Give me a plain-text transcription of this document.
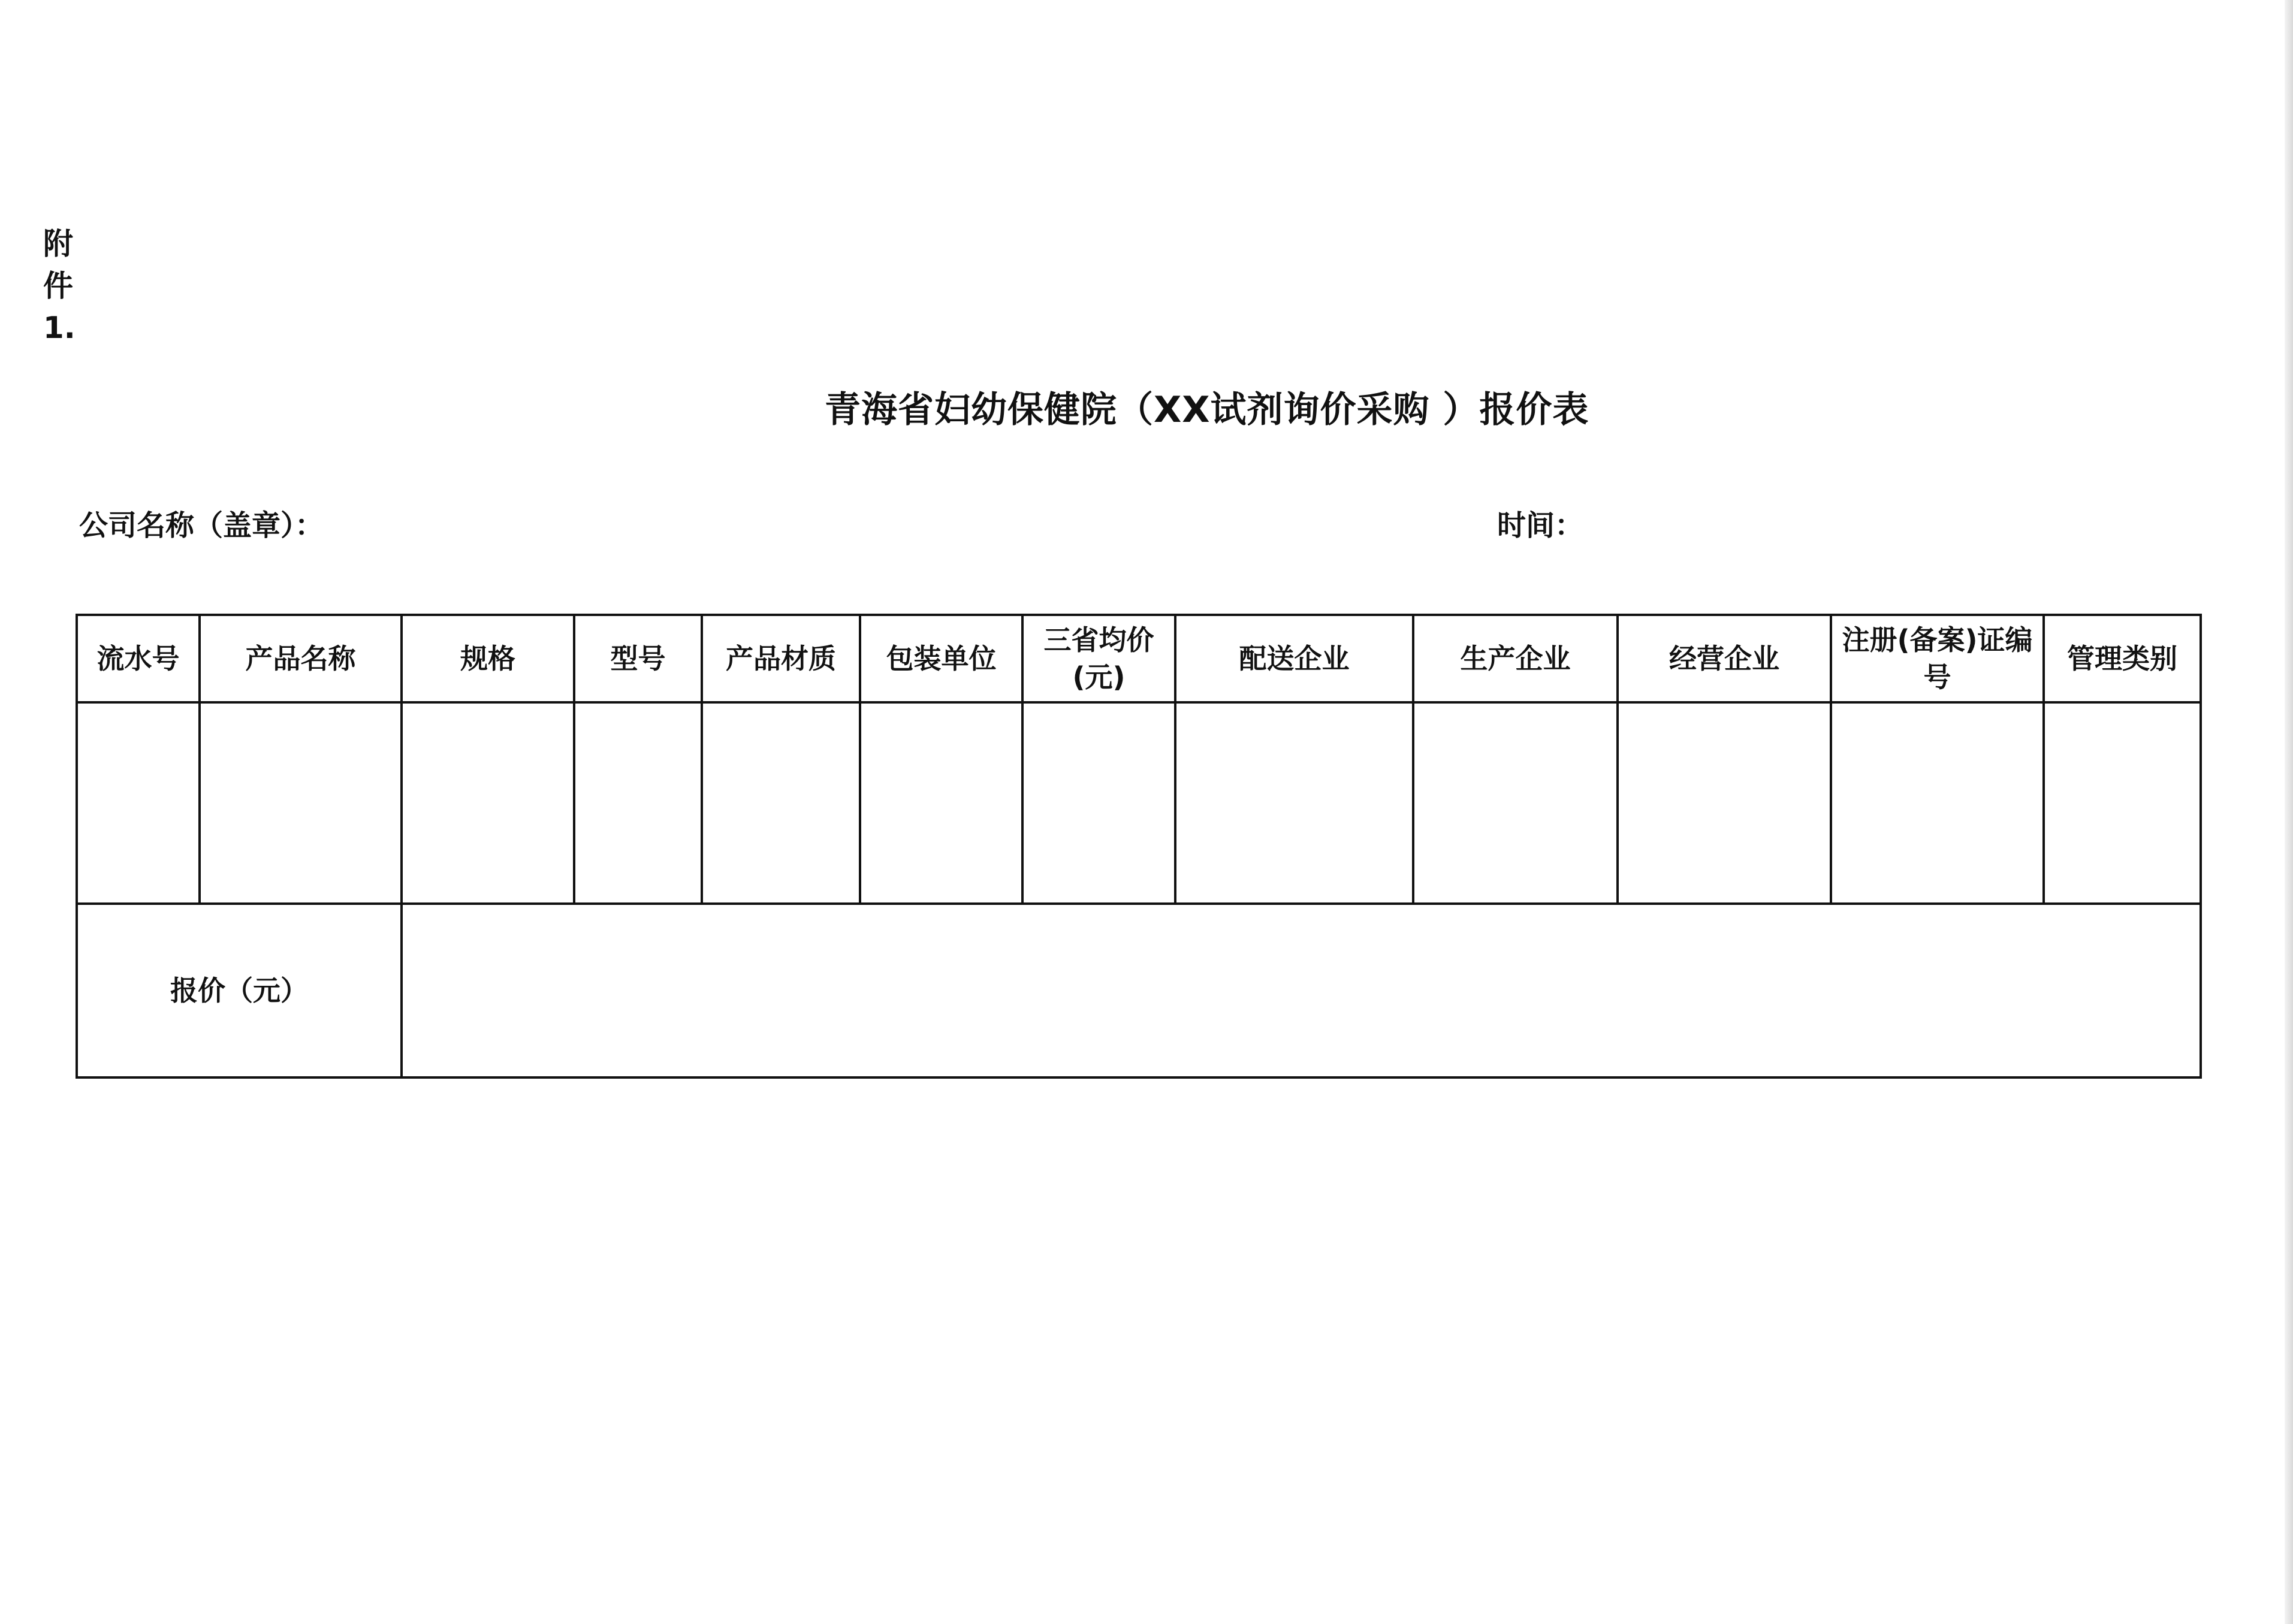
附
件
1.
青海省妇幼保健院（XX试剂询价采购 ）报价表
公司名称（盖章）：	时间：
流水号	产品名称	规格	型号	产品材质	包装单位	三省均价(元)	配送企业	生产企业	经营企业	注册(备案)证编号	管理类别

报价（元）											
